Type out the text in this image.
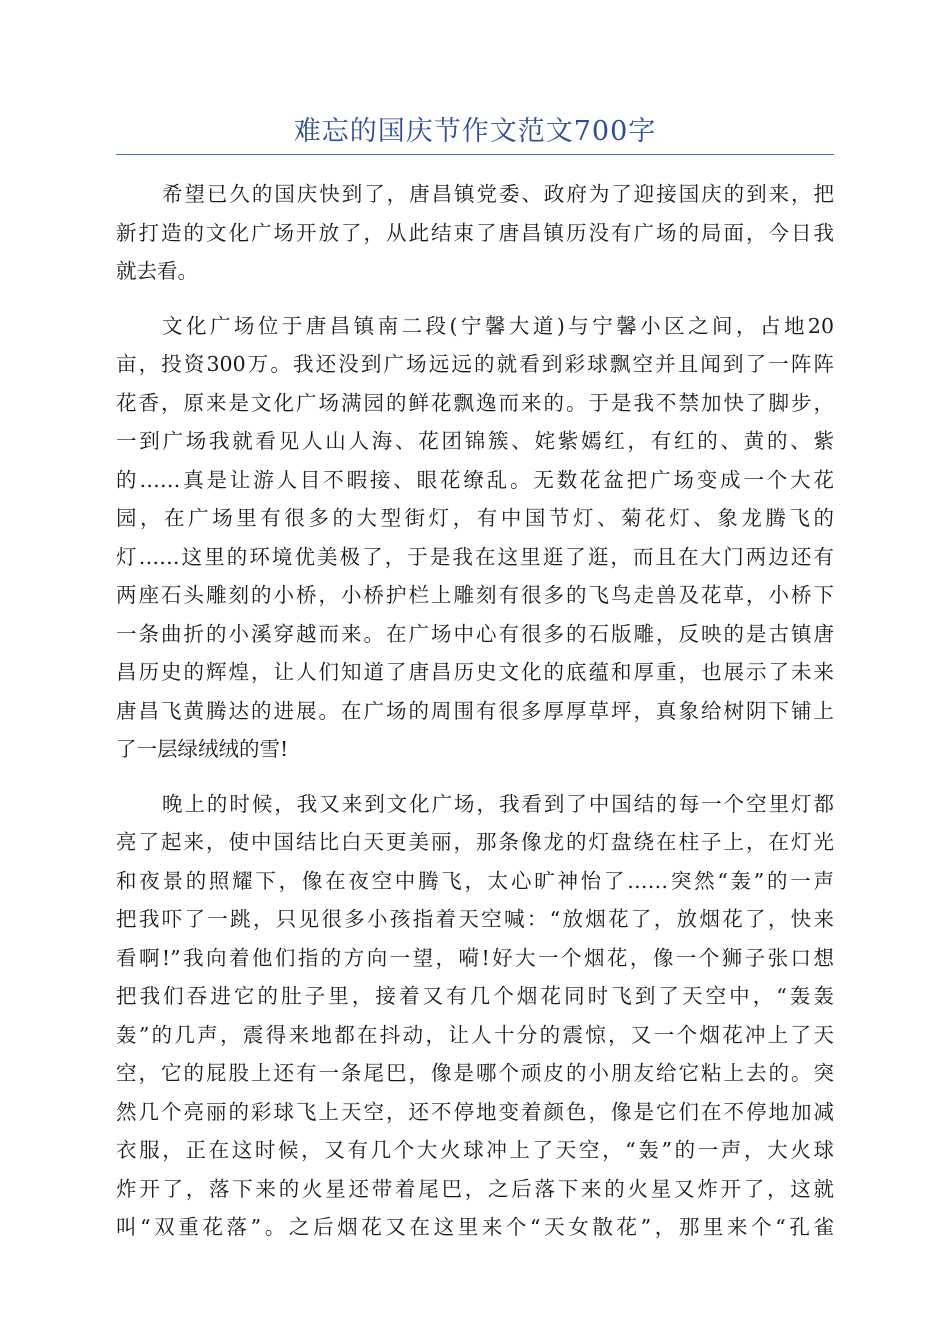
难忘的国庆节作文范文700字
希望已久的国庆快到了，唐昌镇党委、政府为了迎接国庆的到来，把
新打造的文化广场开放了，从此结束了唐昌镇历没有广场的局面，今日我
就去看。
文化广场位于唐昌镇南二段(宁馨大道)与宁馨小区之间，占地20
亩，投资300万。我还没到广场远远的就看到彩球飘空并且闻到了一阵阵
花香，原来是文化广场满园的鲜花飘逸而来的。于是我不禁加快了脚步，
一到广场我就看见人山人海、花团锦簇、姹紫嫣红，有红的、黄的、紫
的……真是让游人目不暇接、眼花缭乱。无数花盆把广场变成一个大花
园，在广场里有很多的大型街灯，有中国节灯、菊花灯、象龙腾飞的
灯……这里的环境优美极了，于是我在这里逛了逛，而且在大门两边还有
两座石头雕刻的小桥，小桥护栏上雕刻有很多的飞鸟走兽及花草，小桥下
一条曲折的小溪穿越而来。在广场中心有很多的石版雕，反映的是古镇唐
昌历史的辉煌，让人们知道了唐昌历史文化的底蕴和厚重，也展示了未来
唐昌飞黄腾达的进展。在广场的周围有很多厚厚草坪，真象给树阴下铺上
了一层绿绒绒的雪!
晚上的时候，我又来到文化广场，我看到了中国结的每一个空里灯都
亮了起来，使中国结比白天更美丽，那条像龙的灯盘绕在柱子上，在灯光
和夜景的照耀下，像在夜空中腾飞，太心旷神怡了……突然“轰”的一声
把我吓了一跳，只见很多小孩指着天空喊：“放烟花了，放烟花了，快来
看啊!”我向着他们指的方向一望，嗬!好大一个烟花，像一个狮子张口想
把我们吞进它的肚子里，接着又有几个烟花同时飞到了天空中，“轰轰
轰”的几声，震得来地都在抖动，让人十分的震惊，又一个烟花冲上了天
空，它的屁股上还有一条尾巴，像是哪个顽皮的小朋友给它粘上去的。突
然几个亮丽的彩球飞上天空，还不停地变着颜色，像是它们在不停地加减
衣服，正在这时候，又有几个大火球冲上了天空，“轰”的一声，大火球
炸开了，落下来的火星还带着尾巴，之后落下来的火星又炸开了，这就
叫“双重花落”。之后烟花又在这里来个“天女散花”，那里来个“孔雀
